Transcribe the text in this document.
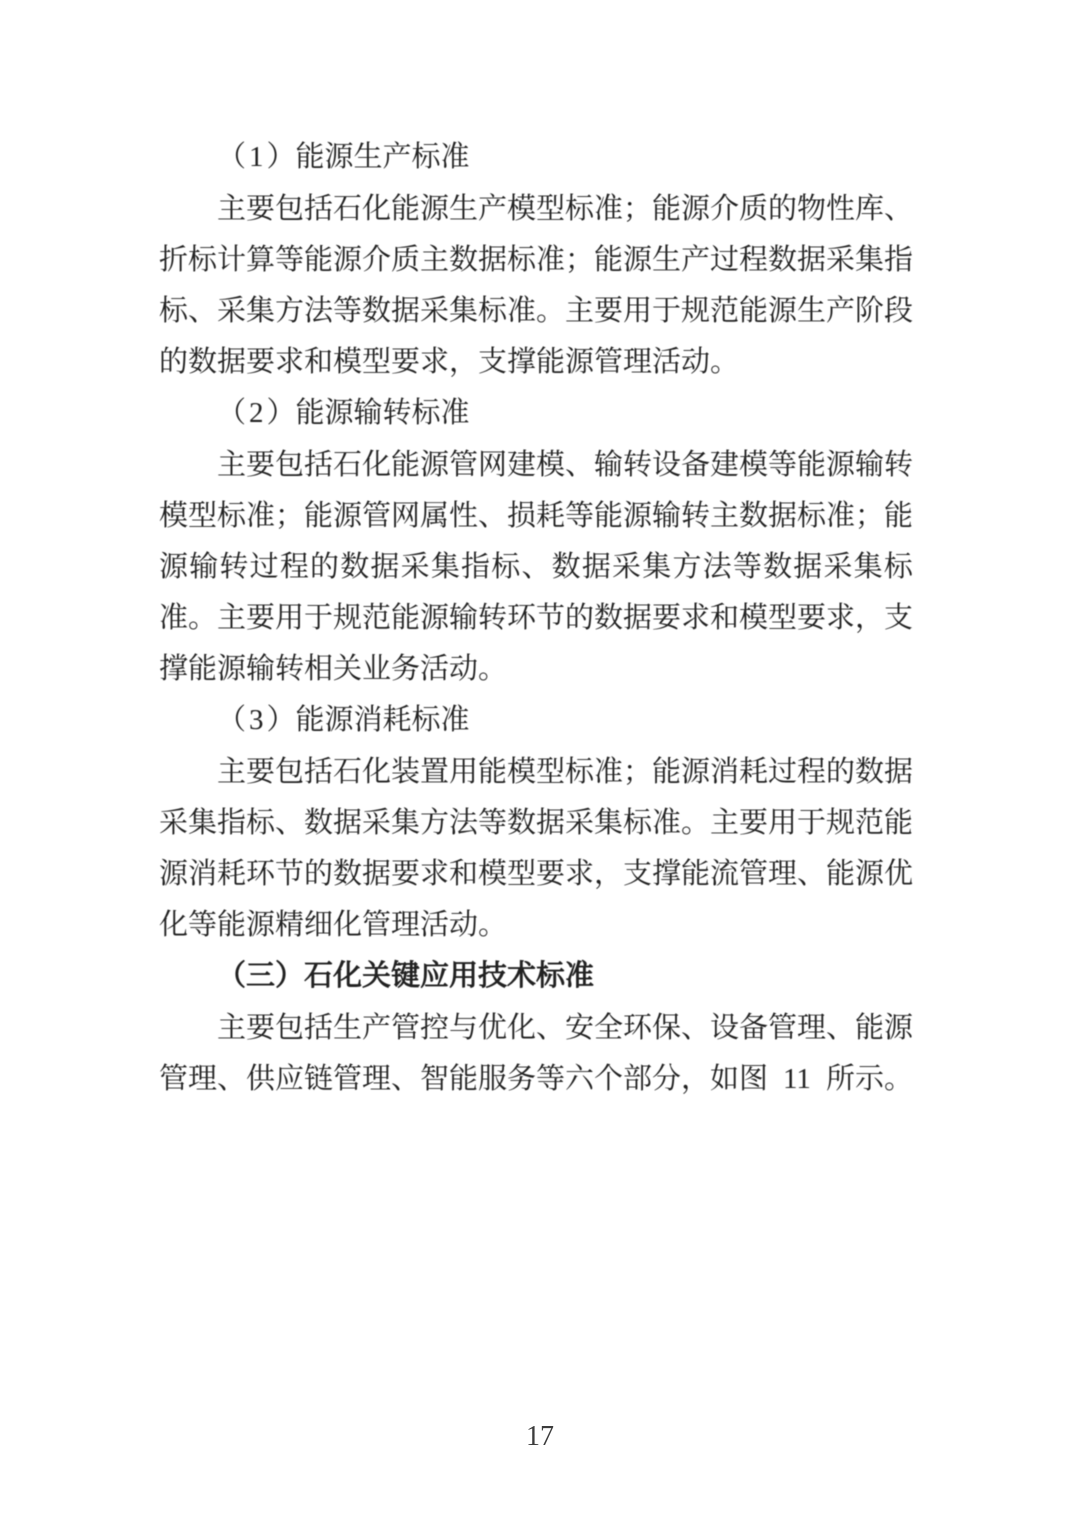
（ 1 ） 能 源 生 产 标 准
主 要 包 括 石 化 能 源 生 产 模 型 标 准 ； 能 源 介 质 的 物 性 库 、
折 标 计 算 等 能 源 介 质 主 数 据 标 准 ； 能 源 生 产 过 程 数 据 采 集 指
标 、 采 集 方 法 等 数 据 采 集 标 准 。 主 要 用 于 规 范 能 源 生 产 阶 段
的 数 据 要 求 和 模 型 要 求 ， 支 撑 能 源 管 理 活 动 。
（ 2 ） 能 源 输 转 标 准
主 要 包 括 石 化 能 源 管 网 建 模 、 输 转 设 备 建 模 等 能 源 输 转
模 型 标 准 ； 能 源 管 网 属 性 、 损 耗 等 能 源 输 转 主 数 据 标 准 ； 能
源 输 转 过 程 的 数 据 采 集 指 标 、 数 据 采 集 方 法 等 数 据 采 集 标
准 。 主 要 用 于 规 范 能 源 输 转 环 节 的 数 据 要 求 和 模 型 要 求 ， 支
撑 能 源 输 转 相 关 业 务 活 动 。
（ 3 ） 能 源 消 耗 标 准
主 要 包 括 石 化 装 置 用 能 模 型 标 准 ； 能 源 消 耗 过 程 的 数 据
采 集 指 标 、 数 据 采 集 方 法 等 数 据 采 集 标 准 。 主 要 用 于 规 范 能
源 消 耗 环 节 的 数 据 要 求 和 模 型 要 求 ， 支 撑 能 流 管 理 、 能 源 优
化 等 能 源 精 细 化 管 理 活 动 。
（ 三 ） 石 化 关 键 应 用 技 术 标 准
主 要 包 括 生 产 管 控 与 优 化 、 安 全 环 保 、 设 备 管 理 、 能 源
管 理 、 供 应 链 管 理 、 智 能 服 务 等 六 个 部 分 ， 如 图 11 所 示 。
17
